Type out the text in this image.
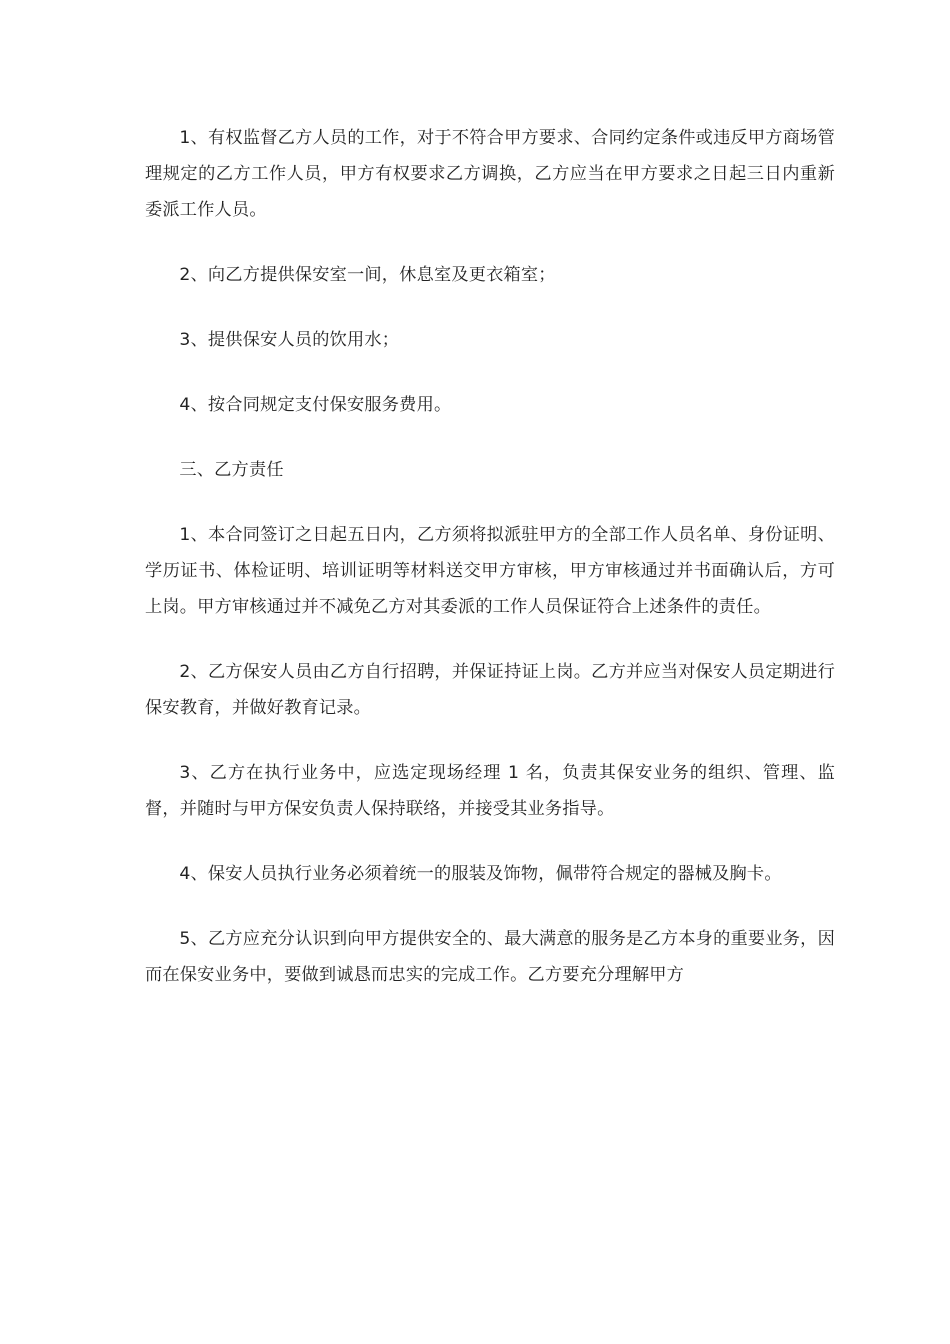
1、有权监督乙方人员的工作，对于不符合甲方要求、合同约定条件或违反甲方商场管理规定的乙方工作人员，甲方有权要求乙方调换，乙方应当在甲方要求之日起三日内重新委派工作人员。

2、向乙方提供保安室一间，休息室及更衣箱室；

3、提供保安人员的饮用水；

4、按合同规定支付保安服务费用。

三、乙方责任

1、本合同签订之日起五日内，乙方须将拟派驻甲方的全部工作人员名单、身份证明、学历证书、体检证明、培训证明等材料送交甲方审核，甲方审核通过并书面确认后，方可上岗。甲方审核通过并不减免乙方对其委派的工作人员保证符合上述条件的责任。

2、乙方保安人员由乙方自行招聘，并保证持证上岗。乙方并应当对保安人员定期进行保安教育，并做好教育记录。

3、乙方在执行业务中，应选定现场经理 1 名，负责其保安业务的组织、管理、监督，并随时与甲方保安负责人保持联络，并接受其业务指导。

4、保安人员执行业务必须着统一的服装及饰物，佩带符合规定的器械及胸卡。

5、乙方应充分认识到向甲方提供安全的、最大满意的服务是乙方本身的重要业务，因而在保安业务中，要做到诚恳而忠实的完成工作。乙方要充分理解甲方
